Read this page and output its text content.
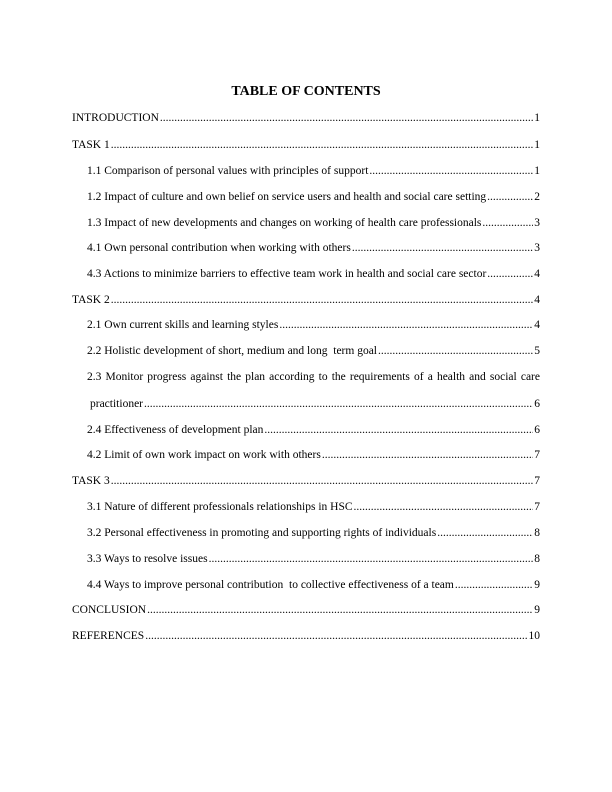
TABLE OF CONTENTS
INTRODUCTION .....	1
TASK 1 .....	1
1.1 Comparison of personal values with principles of support .....	1
1.2 Impact of culture and own belief on service users and health and social care setting .....	2
1.3 Impact of new developments and changes on working of health care professionals .....	3
4.1 Own personal contribution when working with others .....	3
4.3 Actions to minimize barriers to effective team work in health and social care sector .....	4
TASK 2 .....	4
2.1 Own current skills and learning styles .....	4
2.2 Holistic development of short, medium and long  term goal .....	5
2.3 Monitor progress against the plan according to the requirements of a health and social care
practitioner .....	6
2.4 Effectiveness of development plan .....	6
4.2 Limit of own work impact on work with others .....	7
TASK 3 .....	7
3.1 Nature of different professionals relationships in HSC .....	7
3.2 Personal effectiveness in promoting and supporting rights of individuals .....	8
3.3 Ways to resolve issues .....	8
4.4 Ways to improve personal contribution  to collective effectiveness of a team .....	9
CONCLUSION .....	9
REFERENCES .....	10
